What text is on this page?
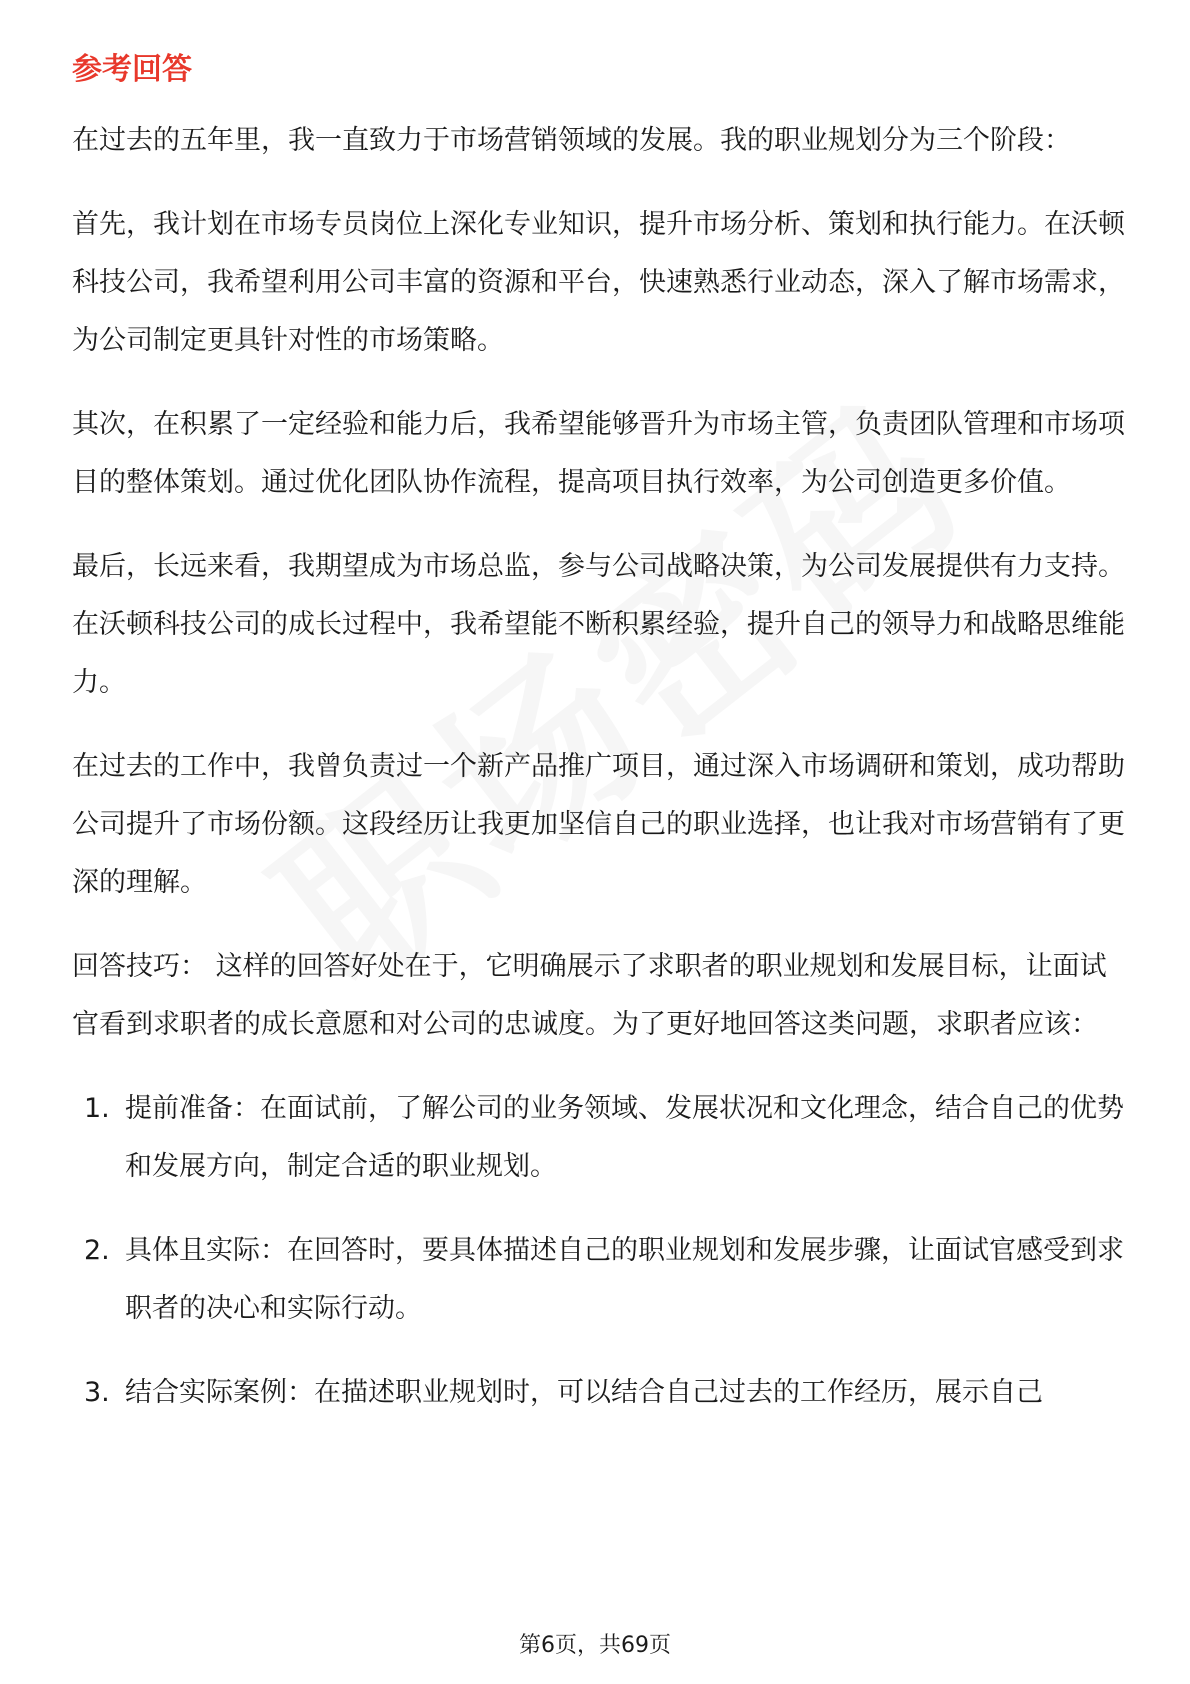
参考回答

在过去的五年里，我一直致力于市场营销领域的发展。我的职业规划分为三个阶段：

首先，我计划在市场专员岗位上深化专业知识，提升市场分析、策划和执行能力。在沃顿科技公司，我希望利用公司丰富的资源和平台，快速熟悉行业动态，深入了解市场需求，为公司制定更具针对性的市场策略。

其次，在积累了一定经验和能力后，我希望能够晋升为市场主管，负责团队管理和市场项目的整体策划。通过优化团队协作流程，提高项目执行效率，为公司创造更多价值。

最后，长远来看，我期望成为市场总监，参与公司战略决策，为公司发展提供有力支持。在沃顿科技公司的成长过程中，我希望能不断积累经验，提升自己的领导力和战略思维能力。

在过去的工作中，我曾负责过一个新产品推广项目，通过深入市场调研和策划，成功帮助公司提升了市场份额。这段经历让我更加坚信自己的职业选择，也让我对市场营销有了更深的理解。

回答技巧： 这样的回答好处在于，它明确展示了求职者的职业规划和发展目标，让面试官看到求职者的成长意愿和对公司的忠诚度。为了更好地回答这类问题，求职者应该：

1. 提前准备：在面试前，了解公司的业务领域、发展状况和文化理念，结合自己的优势和发展方向，制定合适的职业规划。
2. 具体且实际：在回答时，要具体描述自己的职业规划和发展步骤，让面试官感受到求职者的决心和实际行动。
3. 结合实际案例：在描述职业规划时，可以结合自己过去的工作经历，展示自己
第6页，共69页
